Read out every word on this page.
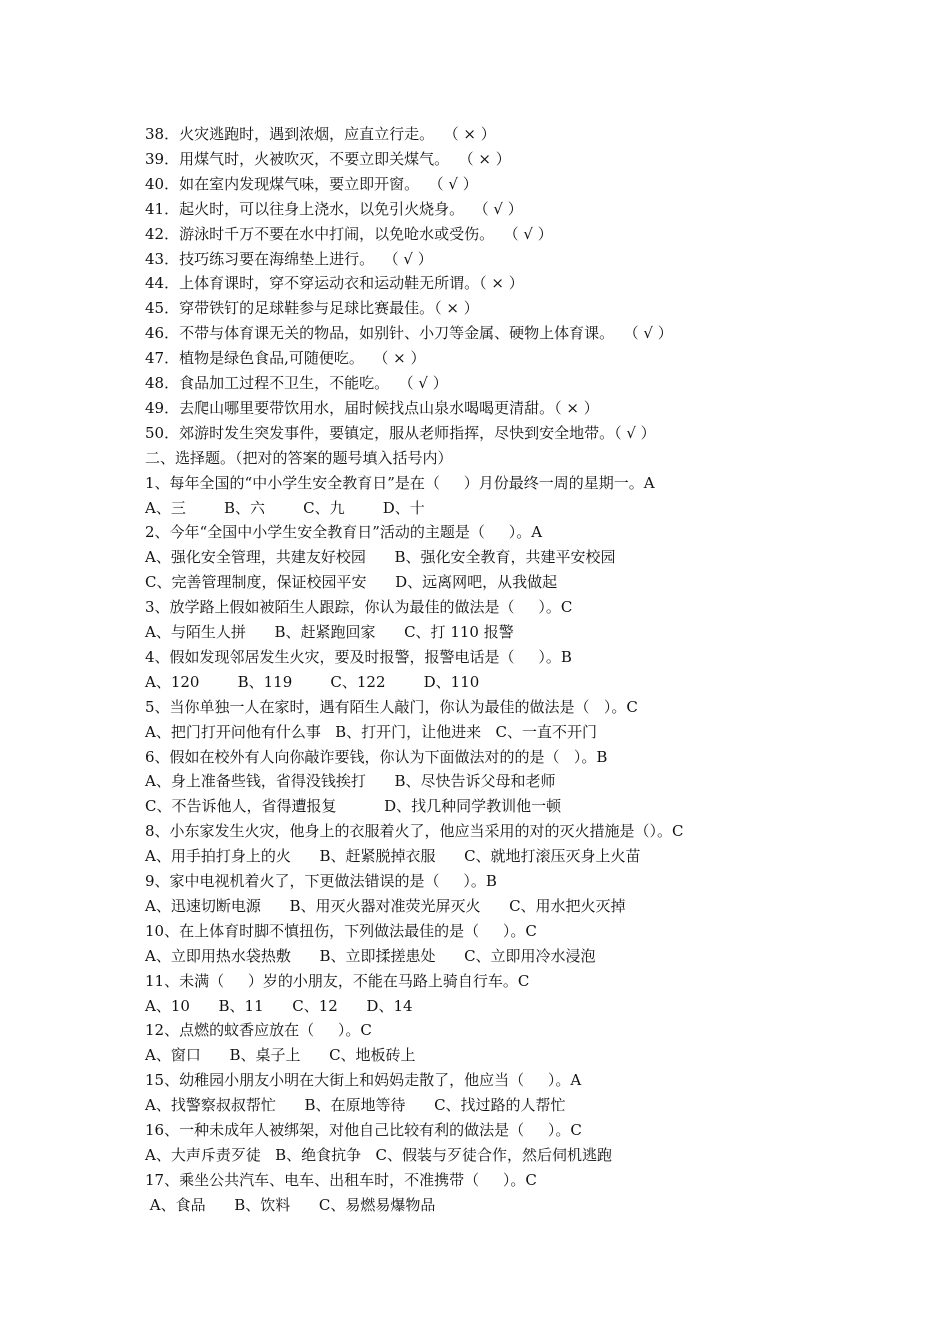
38．火灾逃跑时，遇到浓烟，应直立行走。  （ × ）
39．用煤气时，火被吹灭，不要立即关煤气。  （ × ）
40．如在室内发现煤气味，要立即开窗。  （ √ ）
41．起火时，可以往身上浇水，以免引火烧身。  （ √ ）
42．游泳时千万不要在水中打闹，以免呛水或受伤。  （ √ ）
43．技巧练习要在海绵垫上进行。  （ √ ）
44．上体育课时，穿不穿运动衣和运动鞋无所谓。（ × ）
45．穿带铁钉的足球鞋参与足球比赛最佳。（ × ）
46．不带与体育课无关的物品，如别针、小刀等金属、硬物上体育课。  （ √ ）
47．植物是绿色食品,可随便吃。  （ × ）
48．食品加工过程不卫生，不能吃。  （ √ ）
49．去爬山哪里要带饮用水，届时候找点山泉水喝喝更清甜。（ × ）
50．郊游时发生突发事件，要镇定，服从老师指挥，尽快到安全地带。（ √ ）
二、选择题。（把对的答案的题号填入括号内）
1、每年全国的“中小学生安全教育日”是在（     ）月份最终一周的星期一。A
A、三        B、六        C、九        D、十
2、今年“全国中小学生安全教育日”活动的主题是（     ）。A
A、强化安全管理，共建友好校园      B、强化安全教育，共建平安校园
C、完善管理制度，保证校园平安      D、远离网吧，从我做起
3、放学路上假如被陌生人跟踪，你认为最佳的做法是（     ）。C
A、与陌生人拼      B、赶紧跑回家      C、打 110 报警
4、假如发现邻居发生火灾，要及时报警，报警电话是（     ）。B
A、120        B、119        C、122        D、110
5、当你单独一人在家时，遇有陌生人敲门，你认为最佳的做法是（   ）。C
A、把门打开问他有什么事   B、打开门，让他进来   C、一直不开门
6、假如在校外有人向你敲诈要钱，你认为下面做法对的的是（   ）。B
A、身上准备些钱，省得没钱挨打      B、尽快告诉父母和老师
C、不告诉他人，省得遭报复          D、找几种同学教训他一顿
8、小东家发生火灾，他身上的衣服着火了，他应当采用的对的灭火措施是（）。C
A、用手拍打身上的火      B、赶紧脱掉衣服      C、就地打滚压灭身上火苗
9、家中电视机着火了，下更做法错误的是（     ）。B
A、迅速切断电源      B、用灭火器对准荧光屏灭火      C、用水把火灭掉
10、在上体育时脚不慎扭伤，下列做法最佳的是（     ）。C
A、立即用热水袋热敷      B、立即揉搓患处      C、立即用冷水浸泡
11、未满（     ）岁的小朋友，不能在马路上骑自行车。C
A、10      B、11      C、12      D、14
12、点燃的蚊香应放在（     ）。C
A、窗口      B、桌子上      C、地板砖上
15、幼稚园小朋友小明在大街上和妈妈走散了，他应当（     ）。A
A、找警察叔叔帮忙      B、在原地等待      C、找过路的人帮忙
16、一种未成年人被绑架，对他自己比较有利的做法是（     ）。C
A、大声斥责歹徒   B、绝食抗争   C、假装与歹徒合作，然后伺机逃跑
17、乘坐公共汽车、电车、出租车时，不准携带（     ）。C
A、食品      B、饮料      C、易燃易爆物品
